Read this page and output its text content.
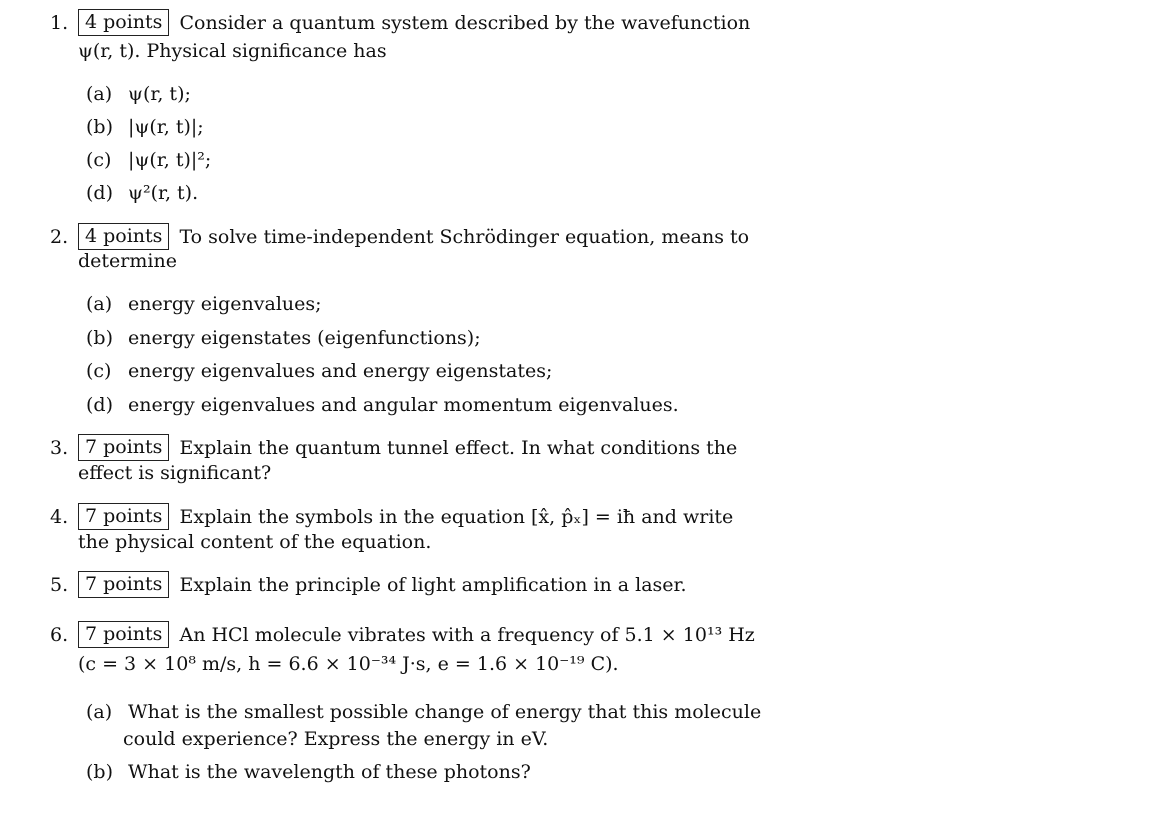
1. 4 points Consider a quantum system described by the wavefunction
ψ(r, t). Physical significance has
(a) ψ(r, t);
(b) |ψ(r, t)|;
(c) |ψ(r, t)|²;
(d) ψ²(r, t).
2. 4 points To solve time-independent Schrödinger equation, means to
determine
(a) energy eigenvalues;
(b) energy eigenstates (eigenfunctions);
(c) energy eigenvalues and energy eigenstates;
(d) energy eigenvalues and angular momentum eigenvalues.
3. 7 points Explain the quantum tunnel effect. In what conditions the
effect is significant?
4. 7 points Explain the symbols in the equation [x̂, p̂ₓ] = iħ and write
the physical content of the equation.
5. 7 points Explain the principle of light amplification in a laser.
6. 7 points An HCl molecule vibrates with a frequency of 5.1 × 10¹³ Hz
(c = 3 × 10⁸ m/s, h = 6.6 × 10⁻³⁴ J·s, e = 1.6 × 10⁻¹⁹ C).
(a) What is the smallest possible change of energy that this molecule
could experience? Express the energy in eV.
(b) What is the wavelength of these photons?
